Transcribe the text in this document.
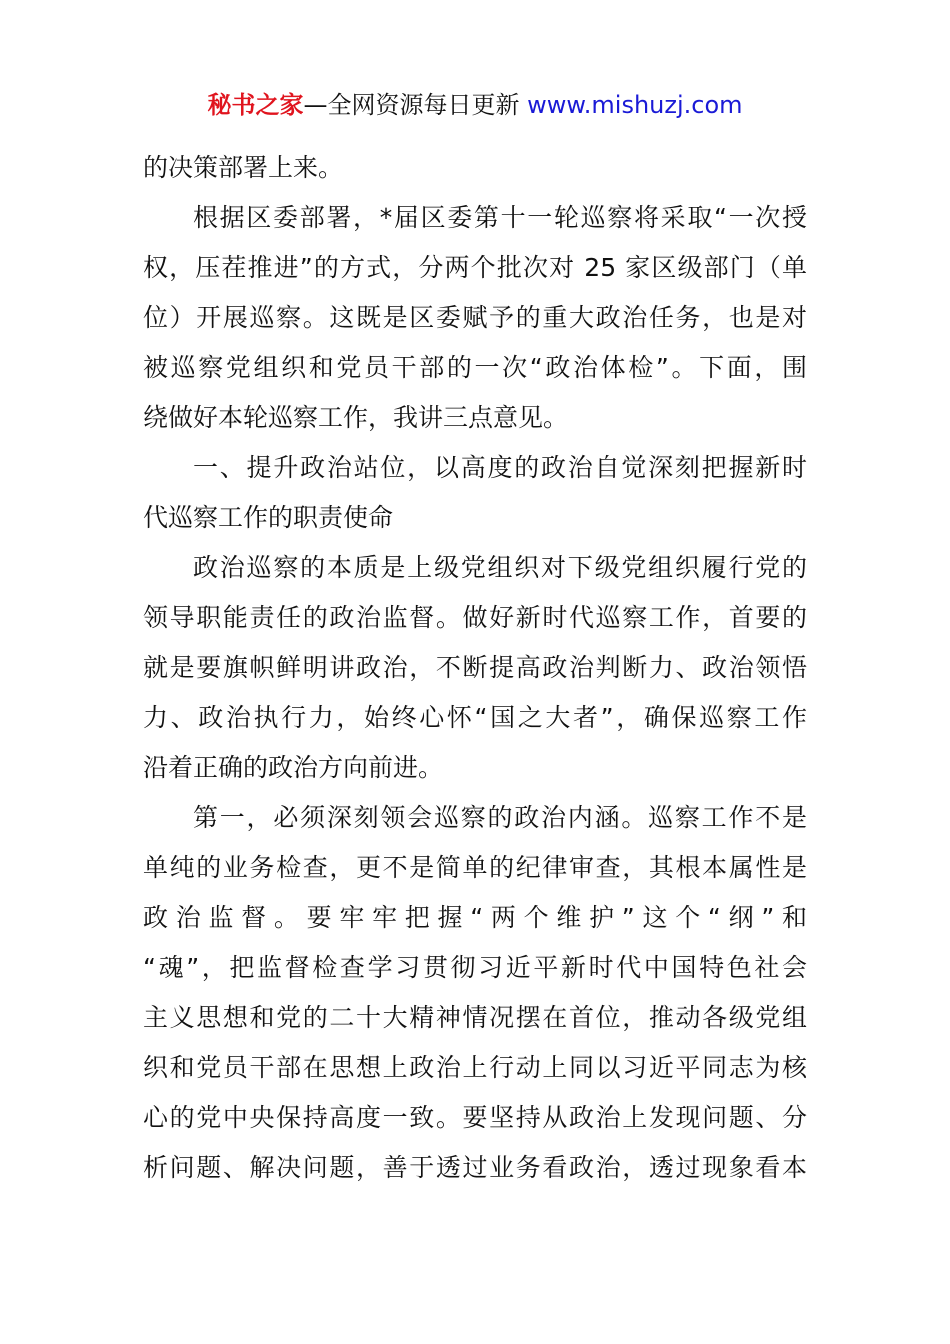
秘书之家—全网资源每日更新 www.mishuzj.com
的决策部署上来。
根据区委部署，*届区委第十一轮巡察将采取“一次授
权，压茬推进”的方式，分两个批次对 25 家区级部门（单
位）开展巡察。这既是区委赋予的重大政治任务，也是对
被巡察党组织和党员干部的一次“政治体检”。下面，围
绕做好本轮巡察工作，我讲三点意见。
一、提升政治站位，以高度的政治自觉深刻把握新时
代巡察工作的职责使命
政治巡察的本质是上级党组织对下级党组织履行党的
领导职能责任的政治监督。做好新时代巡察工作，首要的
就是要旗帜鲜明讲政治，不断提高政治判断力、政治领悟
力、政治执行力，始终心怀“国之大者”，确保巡察工作
沿着正确的政治方向前进。
第一，必须深刻领会巡察的政治内涵。巡察工作不是
单纯的业务检查，更不是简单的纪律审查，其根本属性是
政治监督。要牢牢把握“两个维护”这个“纲”和
“魂”，把监督检查学习贯彻习近平新时代中国特色社会
主义思想和党的二十大精神情况摆在首位，推动各级党组
织和党员干部在思想上政治上行动上同以习近平同志为核
心的党中央保持高度一致。要坚持从政治上发现问题、分
析问题、解决问题，善于透过业务看政治，透过现象看本
